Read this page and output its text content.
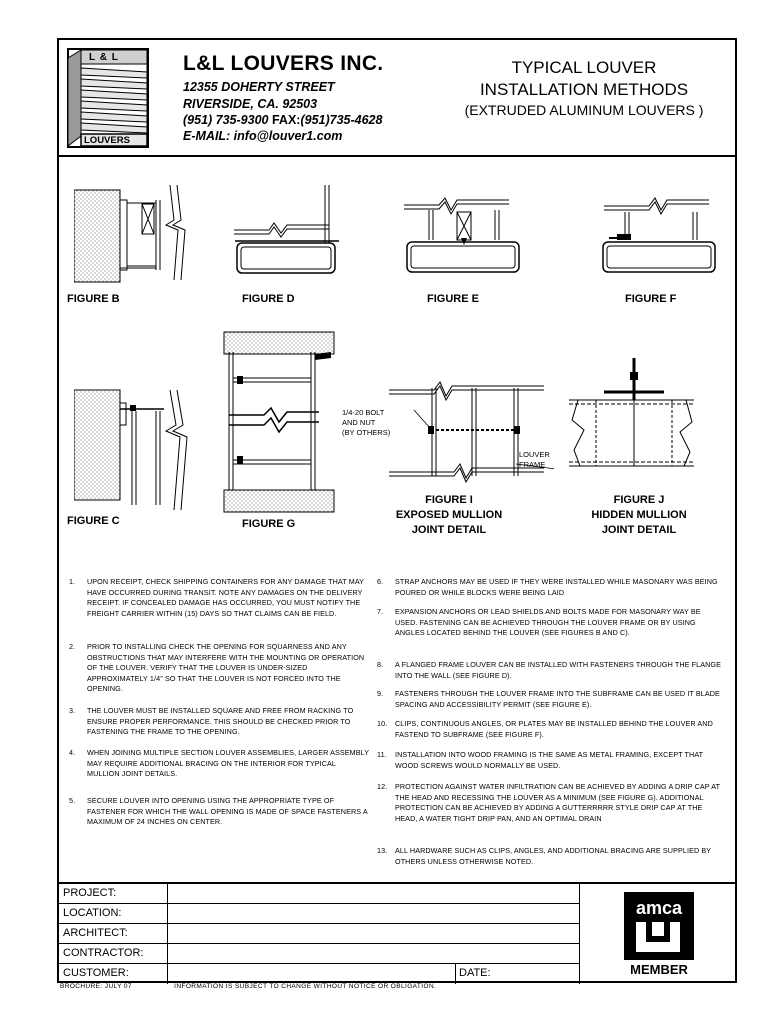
L & L
LOUVERS
L&L LOUVERS INC.
12355 DOHERTY STREET
RIVERSIDE, CA. 92503
(951) 735-9300 FAX:(951)735-4628
E-MAIL: info@louver1.com
TYPICAL LOUVER
INSTALLATION METHODS
(EXTRUDED ALUMINUM LOUVERS )
FIGURE B	FIGURE D	FIGURE E	FIGURE F
FIGURE C	FIGURE G
1/4-20 BOLT
AND NUT
(BY OTHERS)
LOUVER
FRAME
FIGURE I
EXPOSED MULLION
JOINT DETAIL
FIGURE J
HIDDEN MULLION
JOINT DETAIL
1.	UPON RECEIPT, CHECK SHIPPING CONTAINERS FOR ANY DAMAGE THAT MAY HAVE OCCURRED DURING TRANSIT. NOTE ANY DAMAGES ON THE DELIVERY RECEIPT. IF CONCEALED DAMAGE HAS OCCURRED, YOU MUST NOTIFY THE FREIGHT CARRIER WITHIN (15) DAYS SO THAT CLAIMS CAN BE FIELD.
2.	PRIOR TO INSTALLING CHECK THE OPENING FOR SQUARNESS AND ANY OBSTRUCTIONS THAT MAY INTERFERE WITH THE MOUNTING OR OPERATION OF THE LOUVER. VERIFY THAT THE LOUVER IS UNDER-SIZED APPROXIMATELY 1/4" SO THAT THE LOUVER IS NOT FORCED INTO THE OPENING.
3.	THE LOUVER MUST BE INSTALLED SQUARE AND FREE FROM RACKING TO ENSURE PROPER PERFORMANCE. THIS SHOULD BE CHECKED PRIOR TO FASTENING THE FRAME TO THE OPENING.
4.	WHEN JOINING MULTIPLE SECTION LOUVER ASSEMBLIES, LARGER ASSEMBLY MAY REQUIRE ADDITIONAL BRACING ON THE INTERIOR FOR TYPICAL MULLION JOINT DETAILS.
5.	SECURE LOUVER INTO OPENING USING THE APPROPRIATE TYPE OF FASTENER FOR WHICH THE WALL OPENING IS MADE OF SPACE FASTENERS A MAXIMUM OF 24 INCHES ON CENTER.
6.	STRAP ANCHORS MAY BE USED IF THEY WERE INSTALLED WHILE MASONARY WAS BEING POURED OR WHILE BLOCKS WERE BEING LAID
7.	EXPANSION ANCHORS OR LEAD SHIELDS AND BOLTS MADE FOR MASONARY WAY BE USED. FASTENING CAN BE ACHIEVED THROUGH THE LOUVER FRAME OR BY USING ANGLES LOCATED BEHIND THE LOUVER (SEE FIGURES B AND C).
8.	A FLANGED FRAME LOUVER CAN BE INSTALLED WITH FASTENERS THROUGH THE FLANGE INTO THE WALL (SEE FIGURE D).
9.	FASTENERS THROUGH THE LOUVER FRAME INTO THE SUBFRAME CAN BE USED IT BLADE SPACING AND ACCESSIBILITY PERMIT (SEE FIGURE E).
10. CLIPS, CONTINUOUS ANGLES, OR PLATES MAY BE INSTALLED BEHIND THE LOUVER AND FASTEND TO SUBFRAME (SEE FIGURE F).
11.	INSTALLATION INTO WOOD FRAMING IS THE SAME AS METAL FRAMING, EXCEPT THAT WOOD SCREWS WOULD NORMALLY BE USED.
12. PROTECTION AGAINST WATER INFILTRATION CAN BE ACHIEVED BY ADDING A DRIP CAP AT THE HEAD AND RECESSING THE LOUVER AS A MINIMUM (SEE FIGURE G). ADDITIONAL PROTECTION CAN BE ACHIEVED BY ADDING A GUTTERRRRR STYLE DRIP CAP AT THE HEAD, A WATER TIGHT DRIP PAN, AND AN OPTIMAL DRAIN
13. ALL HARDWARE SUCH AS CLIPS, ANGLES, AND ADDITIONAL BRACING ARE SUPPLIED BY OTHERS UNLESS OTHERWISE NOTED.
PROJECT:
LOCATION:
ARCHITECT:
CONTRACTOR:
CUSTOMER:	DATE:
amca
MEMBER
BROCHURE: JULY 07	INFORMATION IS SUBJECT TO CHANGE WITHOUT NOTICE OR OBLIGATION.
